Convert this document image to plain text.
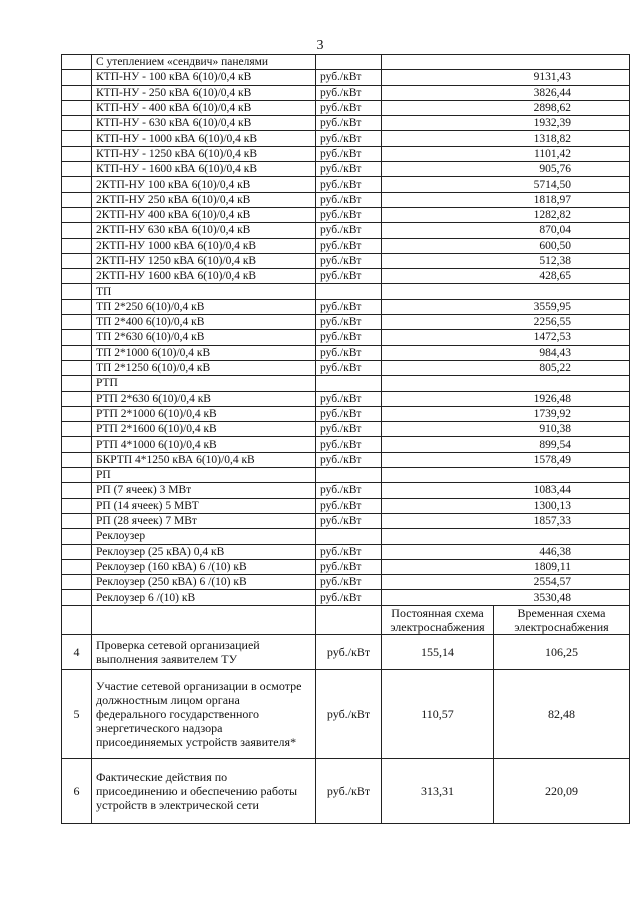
3
	С утеплением «сендвич» панелями			
	КТП-НУ - 100 кВА 6(10)/0,4 кВ	руб./кВт	9131,43	
	КТП-НУ - 250 кВА 6(10)/0,4 кВ	руб./кВт	3826,44	
	КТП-НУ - 400 кВА 6(10)/0,4 кВ	руб./кВт	2898,62	
	КТП-НУ - 630 кВА 6(10)/0,4 кВ	руб./кВт	1932,39	
	КТП-НУ - 1000 кВА 6(10)/0,4 кВ	руб./кВт	1318,82	
	КТП-НУ - 1250 кВА 6(10)/0,4 кВ	руб./кВт	1101,42	
	КТП-НУ - 1600 кВА 6(10)/0,4 кВ	руб./кВт	905,76	
	2КТП-НУ 100 кВА 6(10)/0,4 кВ	руб./кВт	5714,50	
	2КТП-НУ 250 кВА 6(10)/0,4 кВ	руб./кВт	1818,97	
	2КТП-НУ 400 кВА 6(10)/0,4 кВ	руб./кВт	1282,82	
	2КТП-НУ 630 кВА 6(10)/0,4 кВ	руб./кВт	870,04	
	2КТП-НУ 1000 кВА 6(10)/0,4 кВ	руб./кВт	600,50	
	2КТП-НУ 1250 кВА 6(10)/0,4 кВ	руб./кВт	512,38	
	2КТП-НУ 1600 кВА 6(10)/0,4 кВ	руб./кВт	428,65	
	ТП			
	ТП 2*250 6(10)/0,4 кВ	руб./кВт	3559,95	
	ТП 2*400 6(10)/0,4 кВ	руб./кВт	2256,55	
	ТП 2*630 6(10)/0,4 кВ	руб./кВт	1472,53	
	ТП 2*1000 6(10)/0,4 кВ	руб./кВт	984,43	
	ТП 2*1250 6(10)/0,4 кВ	руб./кВт	805,22	
	РТП			
	РТП 2*630 6(10)/0,4 кВ	руб./кВт	1926,48	
	РТП 2*1000 6(10)/0,4 кВ	руб./кВт	1739,92	
	РТП 2*1600 6(10)/0,4 кВ	руб./кВт	910,38	
	РТП 4*1000 6(10)/0,4 кВ	руб./кВт	899,54	
	БКРТП 4*1250 кВА 6(10)/0,4 кВ	руб./кВт	1578,49	
	РП			
	РП (7 ячеек) 3 МВт	руб./кВт	1083,44	
	РП (14 ячеек) 5 МВТ	руб./кВт	1300,13	
	РП (28 ячеек) 7 МВт	руб./кВт	1857,33	
	Реклоузер			
	Реклоузер (25 кВА) 0,4 кВ	руб./кВт	446,38	
	Реклоузер (160 кВА) 6 /(10) кВ	руб./кВт	1809,11	
	Реклоузер (250 кВА) 6 /(10) кВ	руб./кВт	2554,57	
	Реклоузер 6 /(10) кВ	руб./кВт	3530,48	
			Постоянная схема электроснабжения	Временная схема электроснабжения
4	Проверка сетевой организацией выполнения заявителем ТУ	руб./кВт	155,14	106,25
5	Участие сетевой организации в осмотре должностным лицом органа федерального государственного энергетического надзора присоединяемых устройств заявителя*	руб./кВт	110,57	82,48
6	Фактические действия по присоединению и обеспечению работы устройств в электрической сети	руб./кВт	313,31	220,09
